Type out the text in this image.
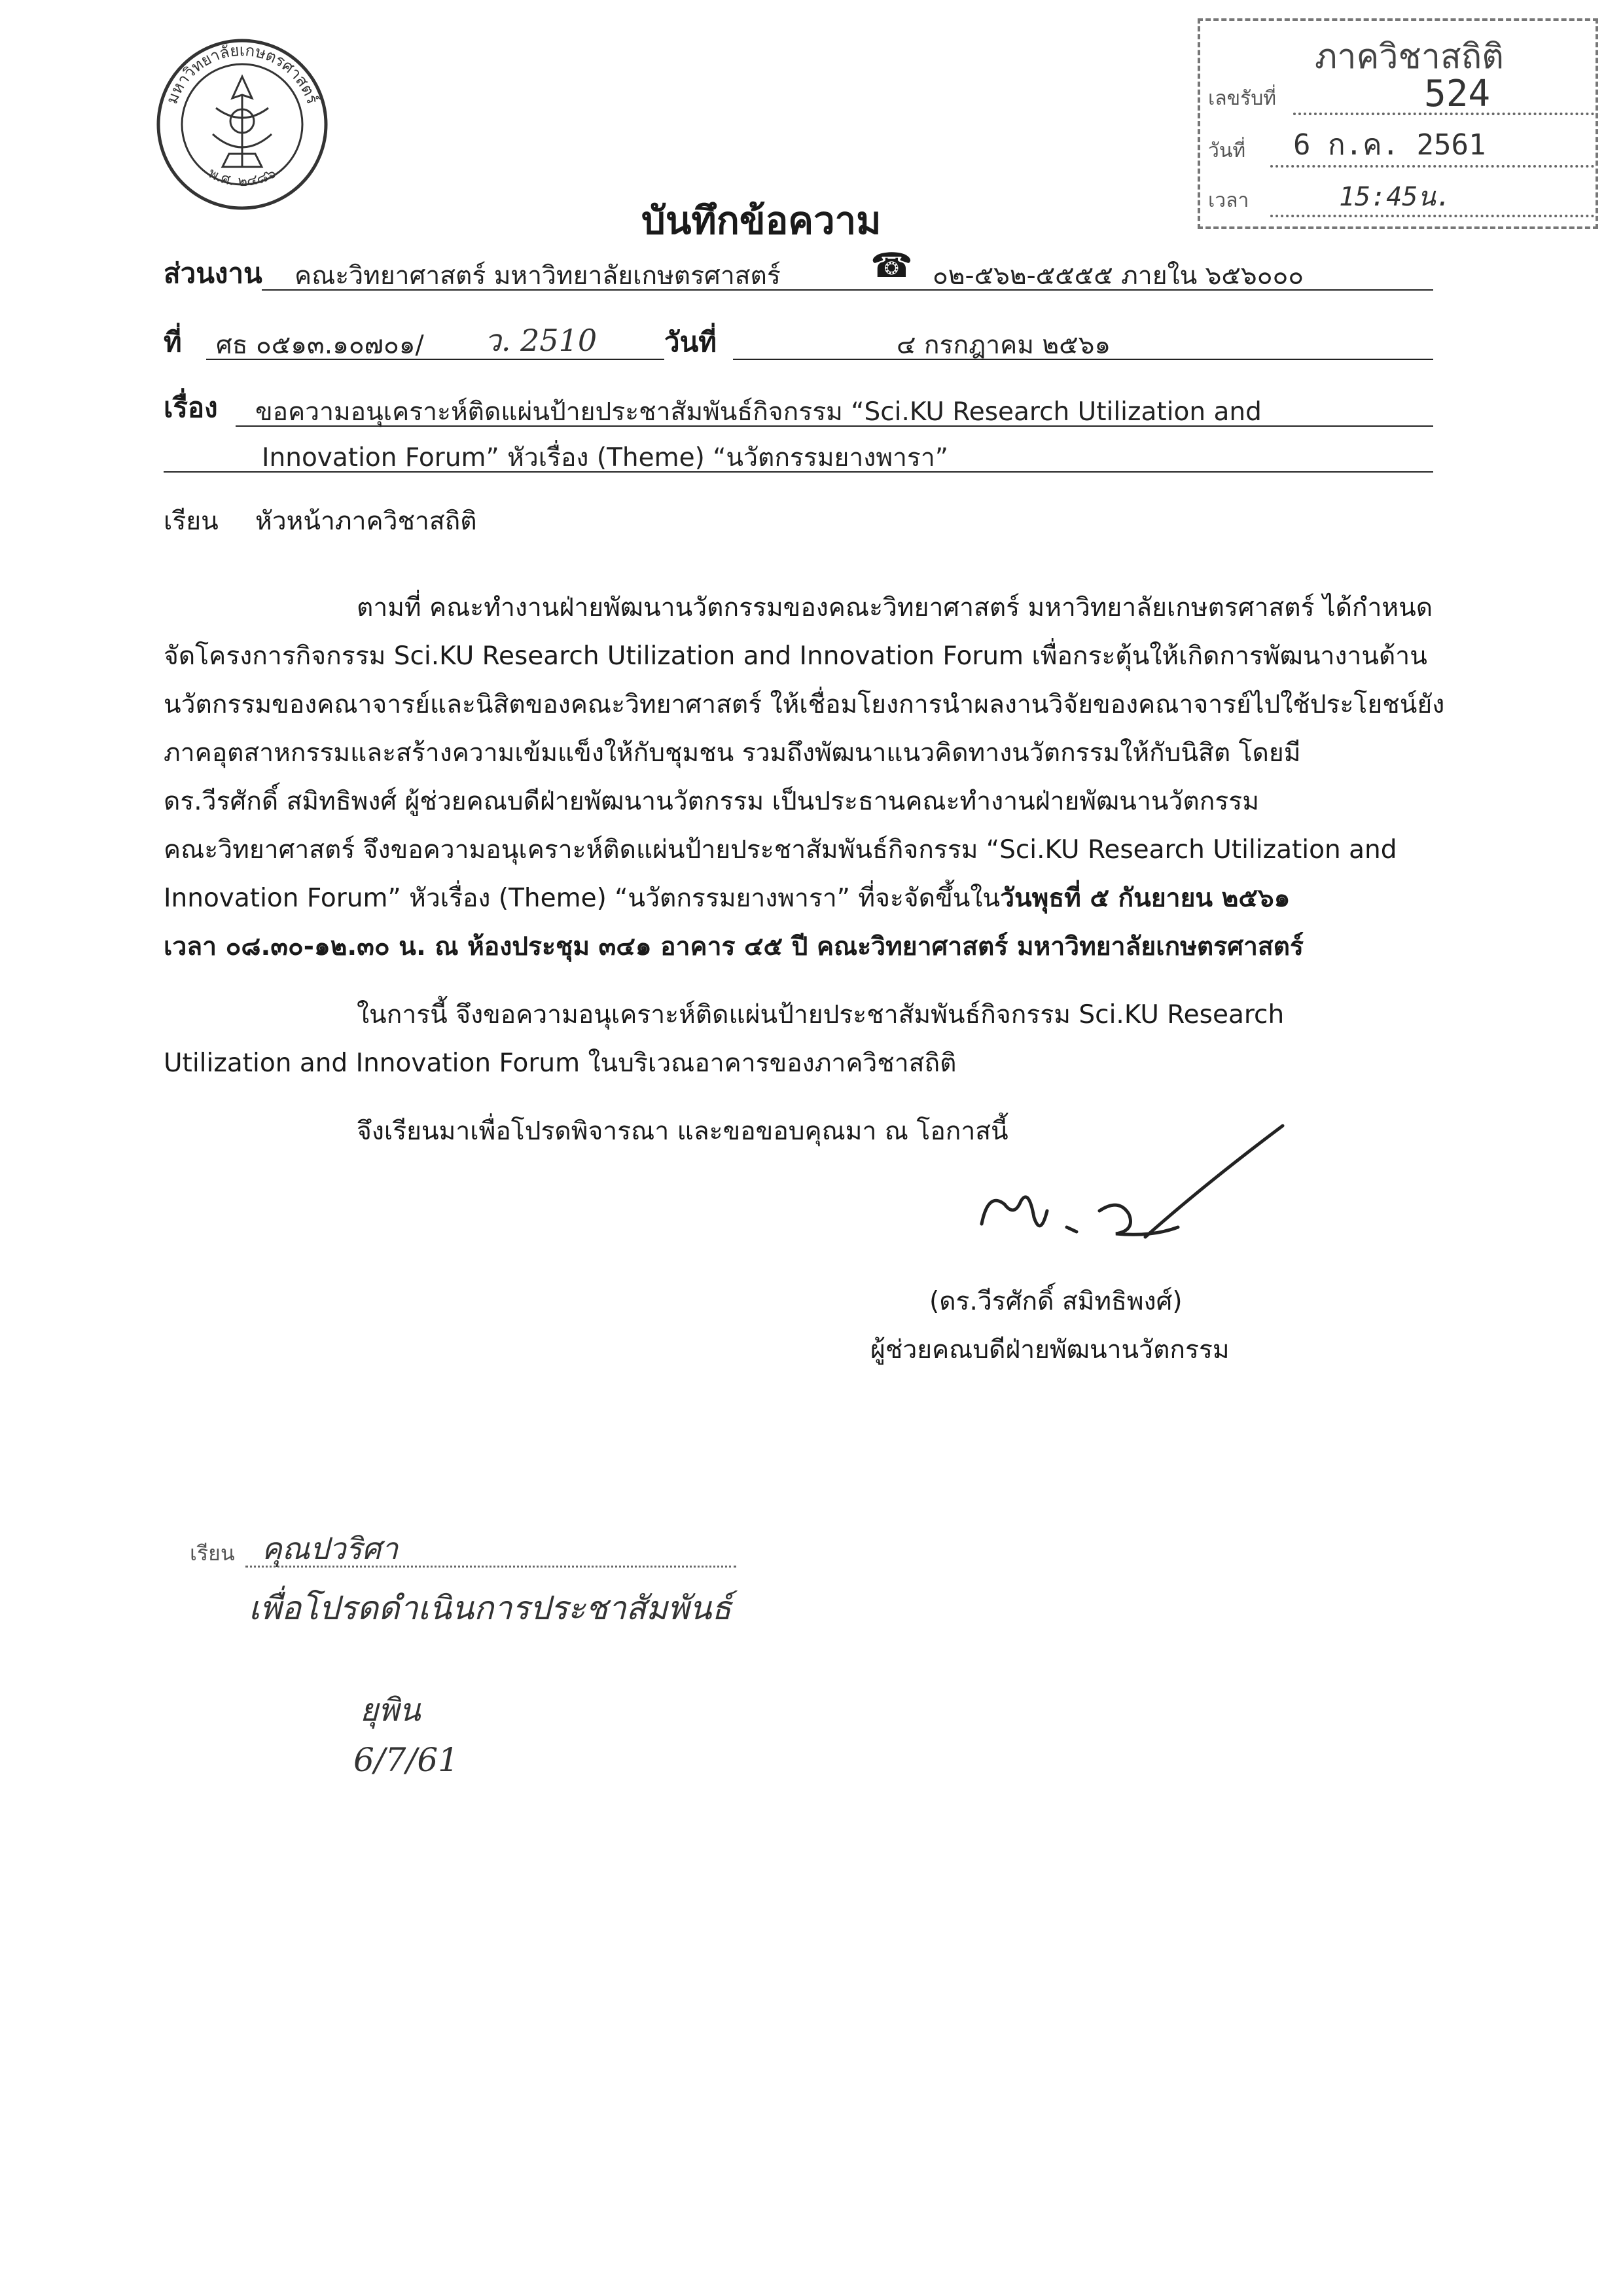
มหาวิทยาลัยเกษตรศาสตร์
พ.ศ. ๒๔๘๖
ภาควิชาสถิติ
เลขรับที่	524
วันที่ 6 ก.ค. 2561
เวลา	15:45น.
บันทึกข้อความ
ส่วนงาน คณะวิทยาศาสตร์ มหาวิทยาลัยเกษตรศาสตร์	☎ ๐๒-๕๖๒-๕๕๕๕ ภายใน ๖๕๖๐๐๐
ที่ ศธ ๐๕๑๓.๑๐๗๐๑/ ว. 2510 วันที่	๔ กรกฎาคม ๒๕๖๑
เรื่อง ขอความอนุเคราะห์ติดแผ่นป้ายประชาสัมพันธ์กิจกรรม “Sci.KU Research Utilization and
Innovation Forum” หัวเรื่อง (Theme) “นวัตกรรมยางพารา”
เรียน หัวหน้าภาควิชาสถิติ
ตามที่ คณะทำงานฝ่ายพัฒนานวัตกรรมของคณะวิทยาศาสตร์ มหาวิทยาลัยเกษตรศาสตร์ ได้กำหนด
จัดโครงการกิจกรรม Sci.KU Research Utilization and Innovation Forum เพื่อกระตุ้นให้เกิดการพัฒนางานด้าน
นวัตกรรมของคณาจารย์และนิสิตของคณะวิทยาศาสตร์ ให้เชื่อมโยงการนำผลงานวิจัยของคณาจารย์ไปใช้ประโยชน์ยัง
ภาคอุตสาหกรรมและสร้างความเข้มแข็งให้กับชุมชน รวมถึงพัฒนาแนวคิดทางนวัตกรรมให้กับนิสิต โดยมี
ดร.วีรศักดิ์ สมิทธิพงศ์ ผู้ช่วยคณบดีฝ่ายพัฒนานวัตกรรม เป็นประธานคณะทำงานฝ่ายพัฒนานวัตกรรม
คณะวิทยาศาสตร์ จึงขอความอนุเคราะห์ติดแผ่นป้ายประชาสัมพันธ์กิจกรรม “Sci.KU Research Utilization and
Innovation Forum” หัวเรื่อง (Theme) “นวัตกรรมยางพารา” ที่จะจัดขึ้นในวันพุธที่ ๕ กันยายน ๒๕๖๑
เวลา ๐๘.๓๐-๑๒.๓๐ น. ณ ห้องประชุม ๓๔๑ อาคาร ๔๕ ปี คณะวิทยาศาสตร์ มหาวิทยาลัยเกษตรศาสตร์
ในการนี้ จึงขอความอนุเคราะห์ติดแผ่นป้ายประชาสัมพันธ์กิจกรรม Sci.KU Research
Utilization and Innovation Forum ในบริเวณอาคารของภาควิชาสถิติ
จึงเรียนมาเพื่อโปรดพิจารณา และขอขอบคุณมา ณ โอกาสนี้
(ดร.วีรศักดิ์ สมิทธิพงศ์)
ผู้ช่วยคณบดีฝ่ายพัฒนานวัตกรรม
เรียน คุณปวริศา
เพื่อโปรดดำเนินการประชาสัมพันธ์
ยุพิน
6/7/61
